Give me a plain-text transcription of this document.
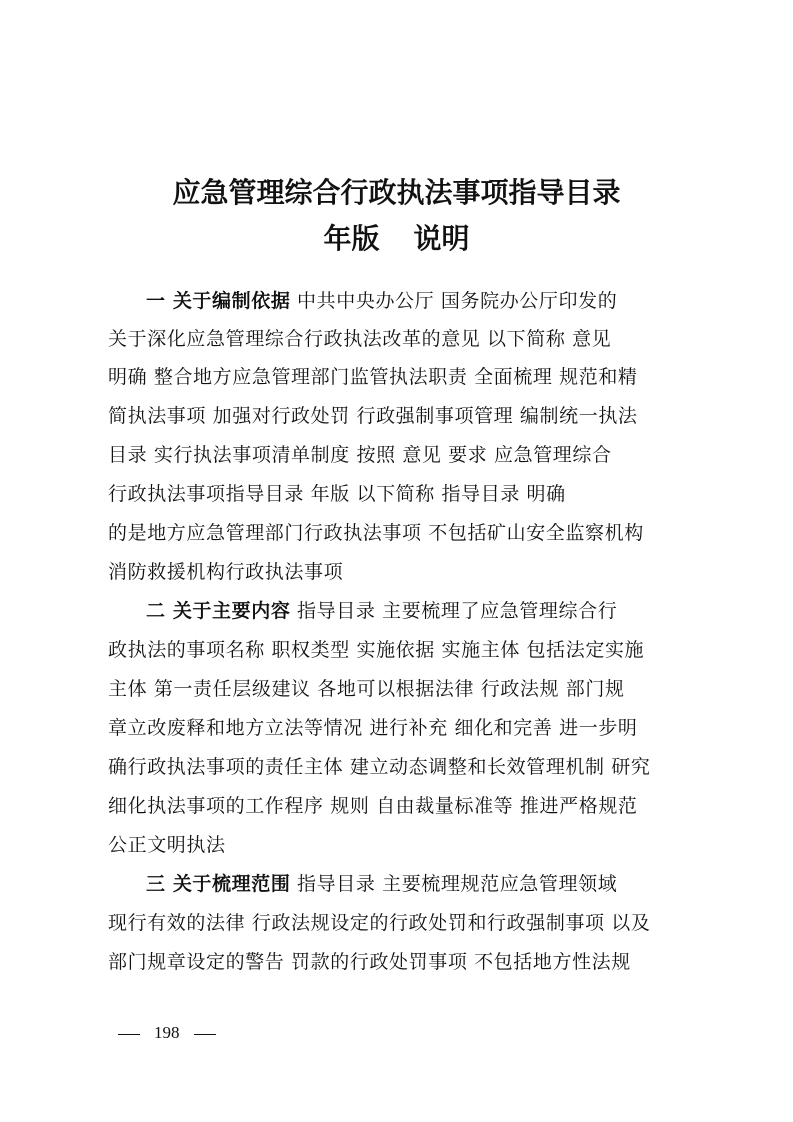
应急管理综合行政执法事项指导目录
年版 说明
一 关于编制依据 中共中央办公厅 国务院办公厅印发的
关于深化应急管理综合行政执法改革的意见 以下简称 意见
明确 整合地方应急管理部门监管执法职责 全面梳理 规范和精
简执法事项 加强对行政处罚 行政强制事项管理 编制统一执法
目录 实行执法事项清单制度 按照 意见 要求 应急管理综合
行政执法事项指导目录 年版 以下简称 指导目录 明确
的是地方应急管理部门行政执法事项 不包括矿山安全监察机构
消防救援机构行政执法事项
二 关于主要内容 指导目录 主要梳理了应急管理综合行
政执法的事项名称 职权类型 实施依据 实施主体 包括法定实施
主体 第一责任层级建议 各地可以根据法律 行政法规 部门规
章立改废释和地方立法等情况 进行补充 细化和完善 进一步明
确行政执法事项的责任主体 建立动态调整和长效管理机制 研究
细化执法事项的工作程序 规则 自由裁量标准等 推进严格规范
公正文明执法
三 关于梳理范围 指导目录 主要梳理规范应急管理领域
现行有效的法律 行政法规设定的行政处罚和行政强制事项 以及
部门规章设定的警告 罚款的行政处罚事项 不包括地方性法规
198
